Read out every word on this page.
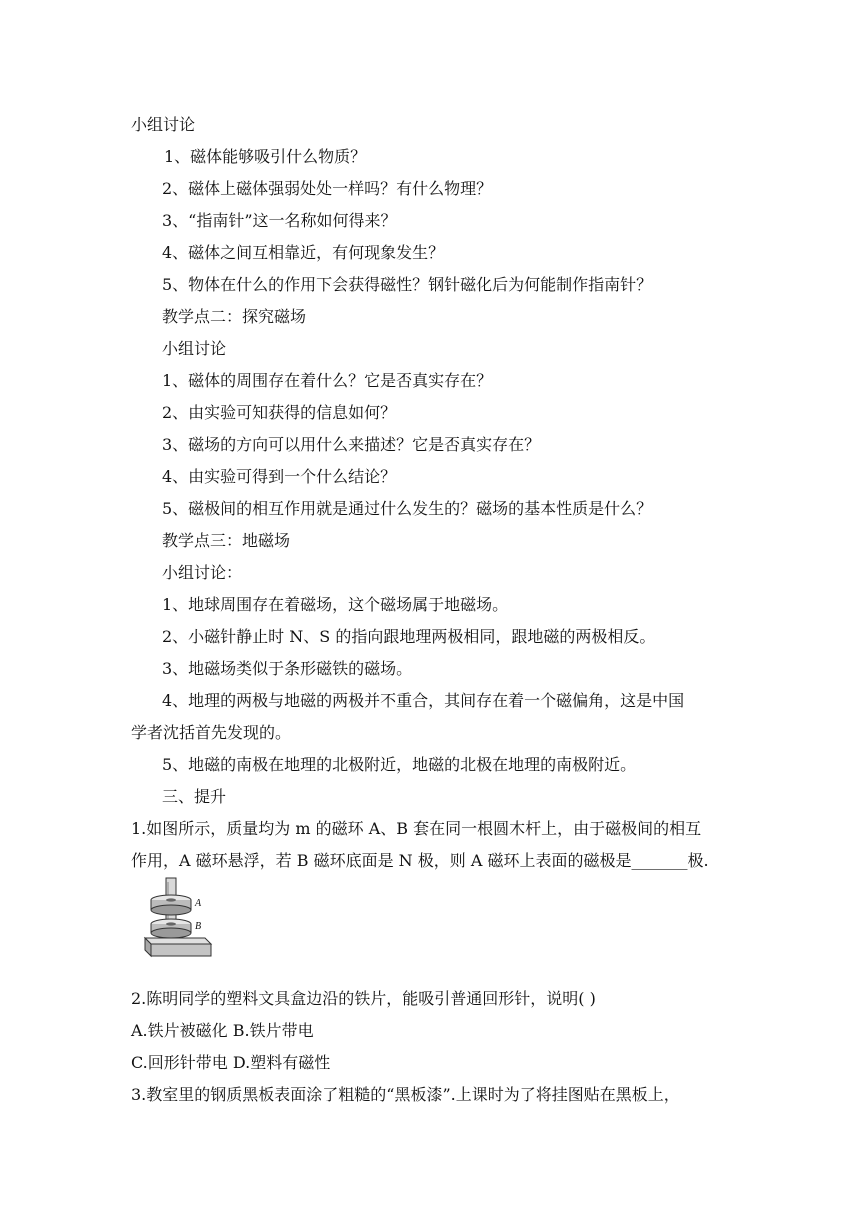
小组讨论
1、磁体能够吸引什么物质？
2、磁体上磁体强弱处处一样吗？有什么物理？
3、“指南针”这一名称如何得来？
4、磁体之间互相靠近，有何现象发生？
5、物体在什么的作用下会获得磁性？钢针磁化后为何能制作指南针？
教学点二：探究磁场
小组讨论
1、磁体的周围存在着什么？它是否真实存在？
2、由实验可知获得的信息如何？
3、磁场的方向可以用什么来描述？它是否真实存在？
4、由实验可得到一个什么结论？
5、磁极间的相互作用就是通过什么发生的？磁场的基本性质是什么？
教学点三：地磁场
小组讨论：
1、地球周围存在着磁场，这个磁场属于地磁场。
2、小磁针静止时 N、S 的指向跟地理两极相同，跟地磁的两极相反。
3、地磁场类似于条形磁铁的磁场。
4、地理的两极与地磁的两极并不重合，其间存在着一个磁偏角，这是中国
学者沈括首先发现的。
5、地磁的南极在地理的北极附近，地磁的北极在地理的南极附近。
三、提升
1.如图所示，质量均为 m 的磁环 A、B 套在同一根圆木杆上，由于磁极间的相互
作用，A 磁环悬浮，若 B 磁环底面是 N 极，则 A 磁环上表面的磁极是_______极.
A
B
2.陈明同学的塑料文具盒边沿的铁片，能吸引普通回形针，说明( )
A.铁片被磁化 B.铁片带电
C.回形针带电 D.塑料有磁性
3.教室里的钢质黑板表面涂了粗糙的“黑板漆”.上课时为了将挂图贴在黑板上，
